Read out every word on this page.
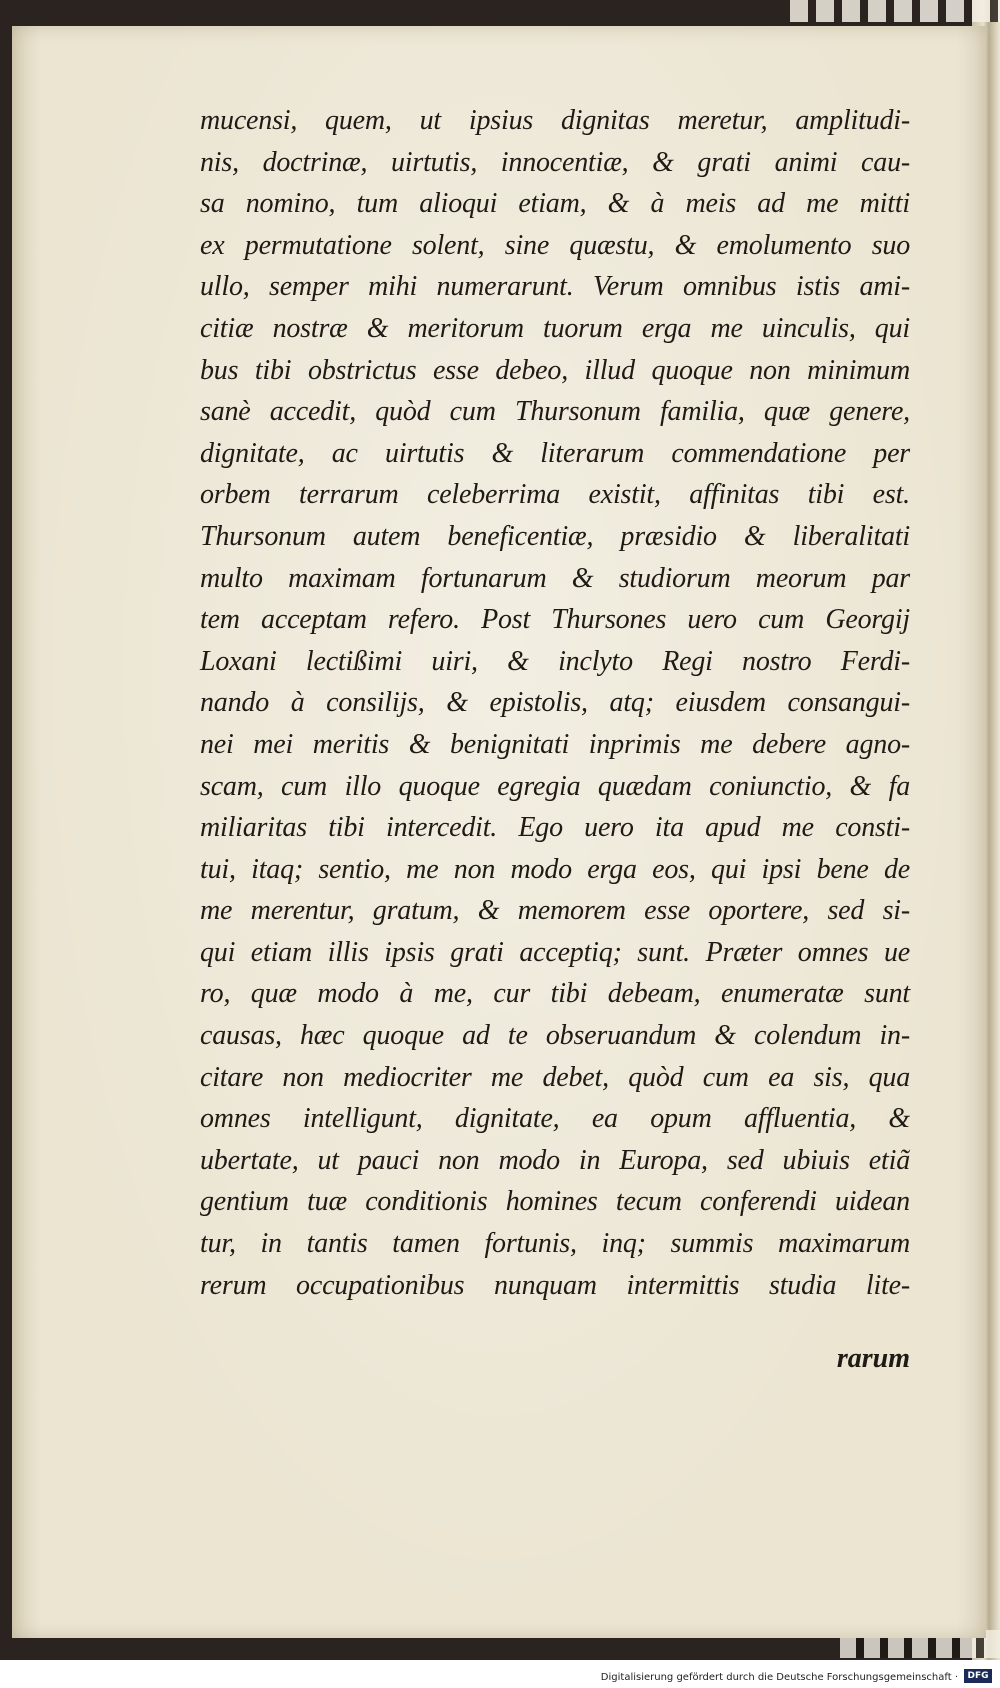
mucensi, quem, ut ipsius dignitas meretur, amplitudi-
nis, doctrinæ, uirtutis, innocentiæ, & grati animi cau-
sa nomino, tum alioqui etiam, & à meis ad me mitti
ex permutatione solent, sine quæstu, & emolumento suo
ullo, semper mihi numerarunt. Verum omnibus istis ami-
citiæ nostræ & meritorum tuorum erga me uinculis, qui
bus tibi obstrictus esse debeo, illud quoque non minimum
sanè accedit, quòd cum Thursonum familia, quæ genere,
dignitate, ac uirtutis & literarum commendatione per
orbem terrarum celeberrima existit, affinitas tibi est.
Thursonum autem beneficentiæ, præsidio & liberalitati
multo maximam fortunarum & studiorum meorum par
tem acceptam refero. Post Thursones uero cum Georgij
Loxani lectißimi uiri, & inclyto Regi nostro Ferdi-
nando à consilijs, & epistolis, atq; eiusdem consangui-
nei mei meritis & benignitati inprimis me debere agno-
scam, cum illo quoque egregia quædam coniunctio, & fa
miliaritas tibi intercedit. Ego uero ita apud me consti-
tui, itaq; sentio, me non modo erga eos, qui ipsi bene de
me merentur, gratum, & memorem esse oportere, sed si-
qui etiam illis ipsis grati acceptiq; sunt. Præter omnes ue
ro, quæ modo à me, cur tibi debeam, enumeratæ sunt
causas, hæc quoque ad te obseruandum & colendum in-
citare non mediocriter me debet, quòd cum ea sis, qua
omnes intelligunt, dignitate, ea opum affluentia, &
ubertate, ut pauci non modo in Europa, sed ubiuis etiã
gentium tuæ conditionis homines tecum conferendi uidean
tur, in tantis tamen fortunis, inq; summis maximarum
rerum occupationibus nunquam intermittis studia lite-
rarum
Digitalisierung gefördert durch die Deutsche Forschungsgemeinschaft ·	DFG
